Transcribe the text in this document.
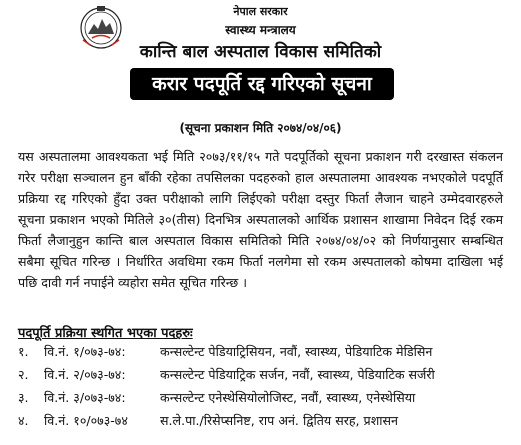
नेपाल सरकार
स्वास्थ्य मन्त्रालय
कान्ति बाल अस्पताल विकास समितिको
करार पदपूर्ति रद्द गरिएको सूचना
(सूचना प्रकाशन मिति २०७४/०४/०६)
यस अस्पतालमा आवश्यकता भई मिति २०७३/११/१५ गते पदपूर्तिको सूचना प्रकाशन गरी दरखास्त संकलन गरेर परीक्षा सञ्चालन हुन बाँकी रहेका तपसिलका पदहरुको हाल अस्पतालमा आवश्यक नभएकोले पदपूर्ति प्रक्रिया रद्द गरिएको हुँदा उक्त परीक्षाको लागि लिईएको परीक्षा दस्तुर फिर्ता लैजान चाहने उम्मेदवारहरुले सूचना प्रकाशन भएको मितिले ३०(तीस) दिनभित्र अस्पतालको आर्थिक प्रशासन शाखामा निवेदन दिई रकम फिर्ता लैजानुहुन कान्ति बाल अस्पताल विकास समितिको मिति २०७४/०४/०२ को निर्णयानुसार सम्बन्धित सबैमा सूचित गरिन्छ । निर्धारित अवधिमा रकम फिर्ता नलगेमा सो रकम अस्पतालको कोषमा दाखिला भई पछि दावी गर्न नपाईने व्यहोरा समेत सूचित गरिन्छ ।
पदपूर्ति प्रक्रिया स्थगित भएका पदहरुः
१. वि.नं. १/०७३-७४:	कन्सल्टेन्ट पेडियाट्रिसियन, नवौं, स्वास्थ्य, पेडियाटिक मेडिसिन
२. वि.नं. २/०७३-७४:	कन्सल्टेन्ट पेडियाट्रिक सर्जन, नवौं, स्वास्थ्य, पेडियाटिक सर्जरी
३. वि.नं. ३/०७३-७४:	कन्सल्टेन्ट एनेस्थेसियोलोजिस्ट, नवौं, स्वास्थ्य, एनेस्थेसिया
४. वि.नं. १०/०७३-७४	स.ले.पा./रिसेप्सनिष्ट, राप अनं. द्वितिय सरह, प्रशासन
